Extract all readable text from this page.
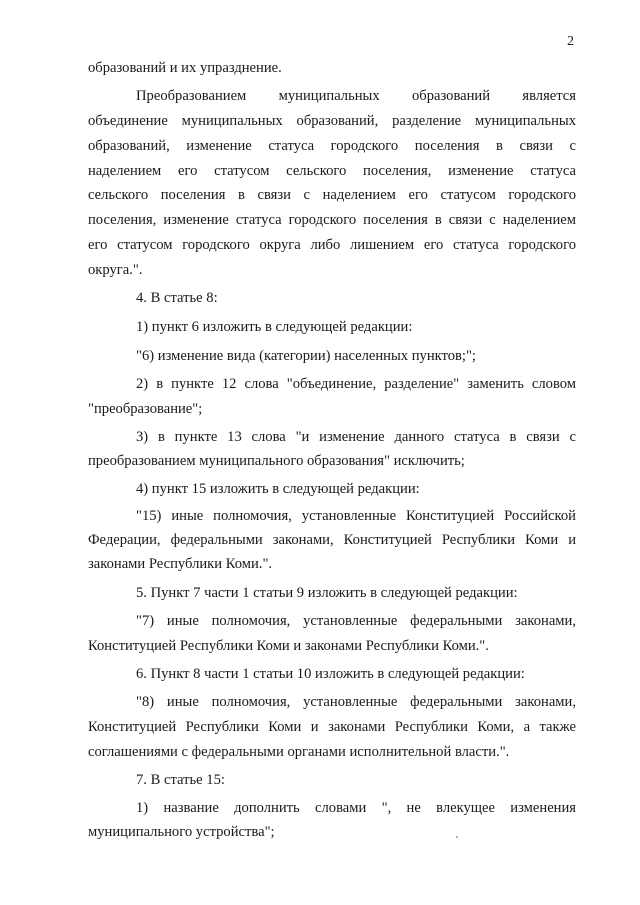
2
образований и их упразднение.
Преобразованием муниципальных образований является
объединение муниципальных образований, разделение муниципальных
образований, изменение статуса городского поселения в связи с
наделением его статусом сельского поселения, изменение статуса
сельского поселения в связи с наделением его статусом городского
поселения, изменение статуса городского поселения в связи с наделением
его статусом городского округа либо лишением его статуса городского
округа.".
4. В статье 8:
1) пункт 6 изложить в следующей редакции:
"6) изменение вида (категории) населенных пунктов;";
2) в пункте 12 слова "объединение, разделение" заменить словом
"преобразование";
3) в пункте 13 слова "и изменение данного статуса в связи с
преобразованием муниципального образования" исключить;
4) пункт 15 изложить в следующей редакции:
"15) иные полномочия, установленные Конституцией Российской
Федерации, федеральными законами, Конституцией Республики Коми и
законами Республики Коми.".
5. Пункт 7 части 1 статьи 9 изложить в следующей редакции:
"7) иные полномочия, установленные федеральными законами,
Конституцией Республики Коми и законами Республики Коми.".
6. Пункт 8 части 1 статьи 10 изложить в следующей редакции:
"8) иные полномочия, установленные федеральными законами,
Конституцией Республики Коми и законами Республики Коми, а также
соглашениями с федеральными органами исполнительной власти.".
7. В статье 15:
1) название дополнить словами ", не влекущее изменения
муниципального устройства";
